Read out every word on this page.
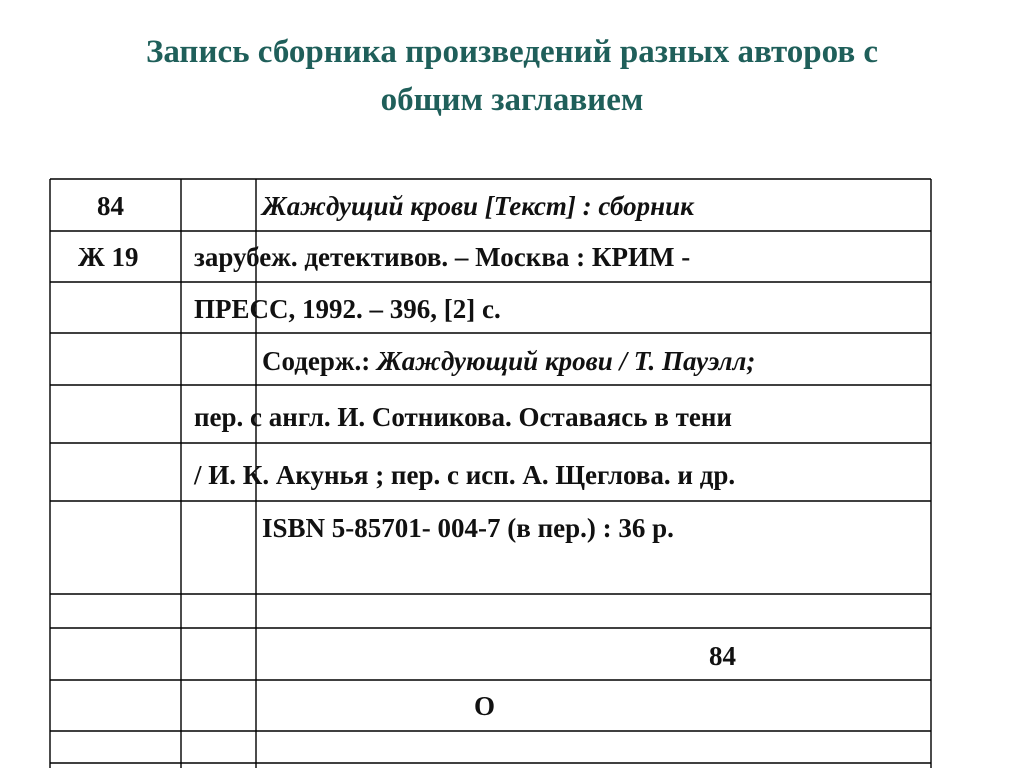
Запись сборника произведений разных авторов с
общим заглавием
84
Ж 19
Жаждущий крови [Текст] : сборник
зарубеж. детективов. – Москва : КРИМ -
ПРЕСС, 1992. – 396, [2] с.
Содерж.: Жаждующий крови / Т. Пауэлл;
пер. с англ. И. Сотникова. Оставаясь в тени
/ И. К. Акунья ; пер. с исп. А. Щеглова. и др.
ISBN 5-85701- 004-7 (в пер.) : 36 р.
84
О
